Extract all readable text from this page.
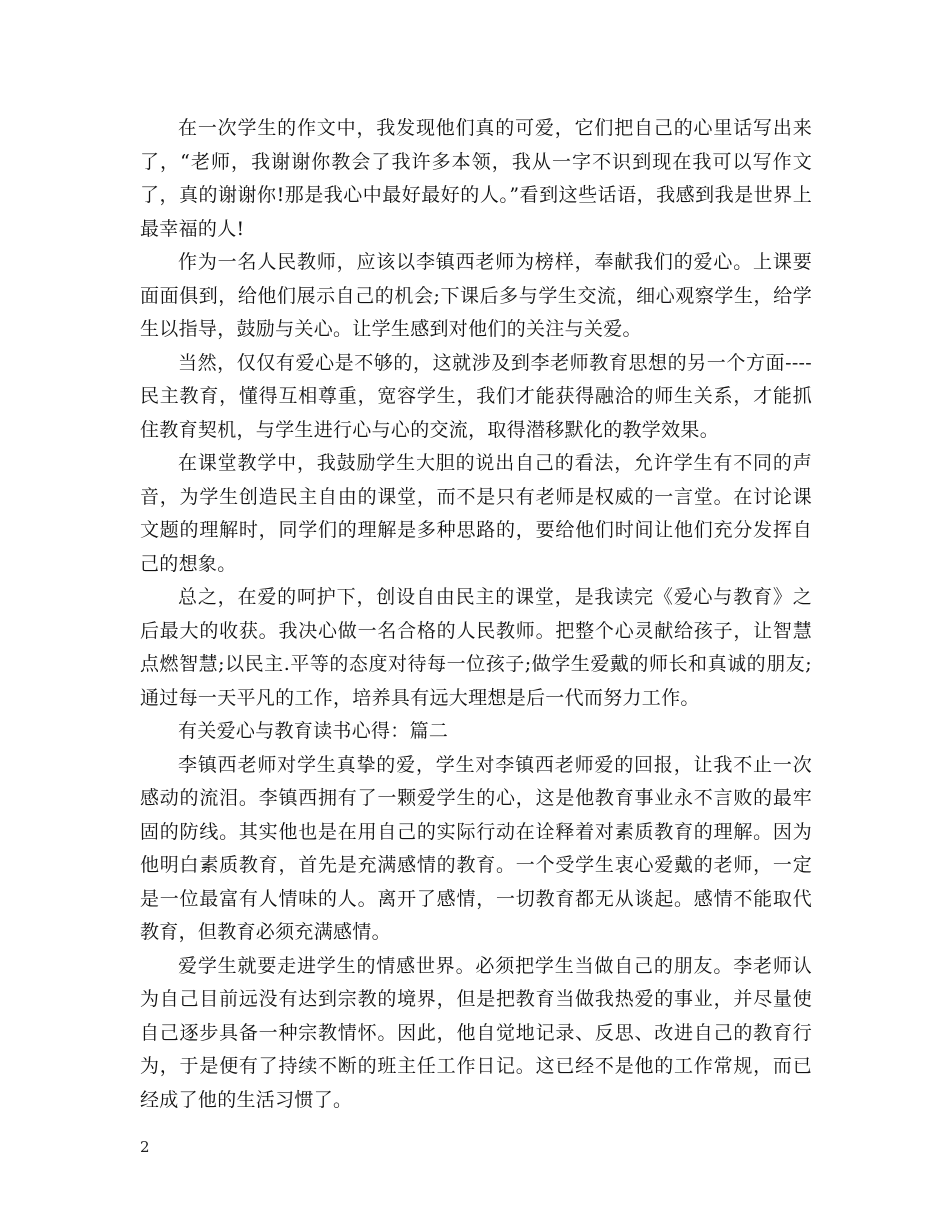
在一次学生的作文中，我发现他们真的可爱，它们把自己的心里话写出来了，“老师，我谢谢你教会了我许多本领，我从一字不识到现在我可以写作文了，真的谢谢你!那是我心中最好最好的人。”看到这些话语，我感到我是世界上最幸福的人!

作为一名人民教师，应该以李镇西老师为榜样，奉献我们的爱心。上课要面面俱到，给他们展示自己的机会;下课后多与学生交流，细心观察学生，给学生以指导，鼓励与关心。让学生感到对他们的关注与关爱。

当然，仅仅有爱心是不够的，这就涉及到李老师教育思想的另一个方面----民主教育，懂得互相尊重，宽容学生，我们才能获得融洽的师生关系，才能抓住教育契机，与学生进行心与心的交流，取得潜移默化的教学效果。

在课堂教学中，我鼓励学生大胆的说出自己的看法，允许学生有不同的声音，为学生创造民主自由的课堂，而不是只有老师是权威的一言堂。在讨论课文题的理解时，同学们的理解是多种思路的，要给他们时间让他们充分发挥自己的想象。

总之，在爱的呵护下，创设自由民主的课堂，是我读完《爱心与教育》之后最大的收获。我决心做一名合格的人民教师。把整个心灵献给孩子，让智慧点燃智慧;以民主.平等的态度对待每一位孩子;做学生爱戴的师长和真诚的朋友;通过每一天平凡的工作，培养具有远大理想是后一代而努力工作。

有关爱心与教育读书心得：篇二

李镇西老师对学生真挚的爱，学生对李镇西老师爱的回报，让我不止一次感动的流泪。李镇西拥有了一颗爱学生的心，这是他教育事业永不言败的最牢固的防线。其实他也是在用自己的实际行动在诠释着对素质教育的理解。因为他明白素质教育，首先是充满感情的教育。一个受学生衷心爱戴的老师，一定是一位最富有人情味的人。离开了感情，一切教育都无从谈起。感情不能取代教育，但教育必须充满感情。

爱学生就要走进学生的情感世界。必须把学生当做自己的朋友。李老师认为自己目前远没有达到宗教的境界，但是把教育当做我热爱的事业，并尽量使自己逐步具备一种宗教情怀。因此，他自觉地记录、反思、改进自己的教育行为，于是便有了持续不断的班主任工作日记。这已经不是他的工作常规，而已经成了他的生活习惯了。

2
